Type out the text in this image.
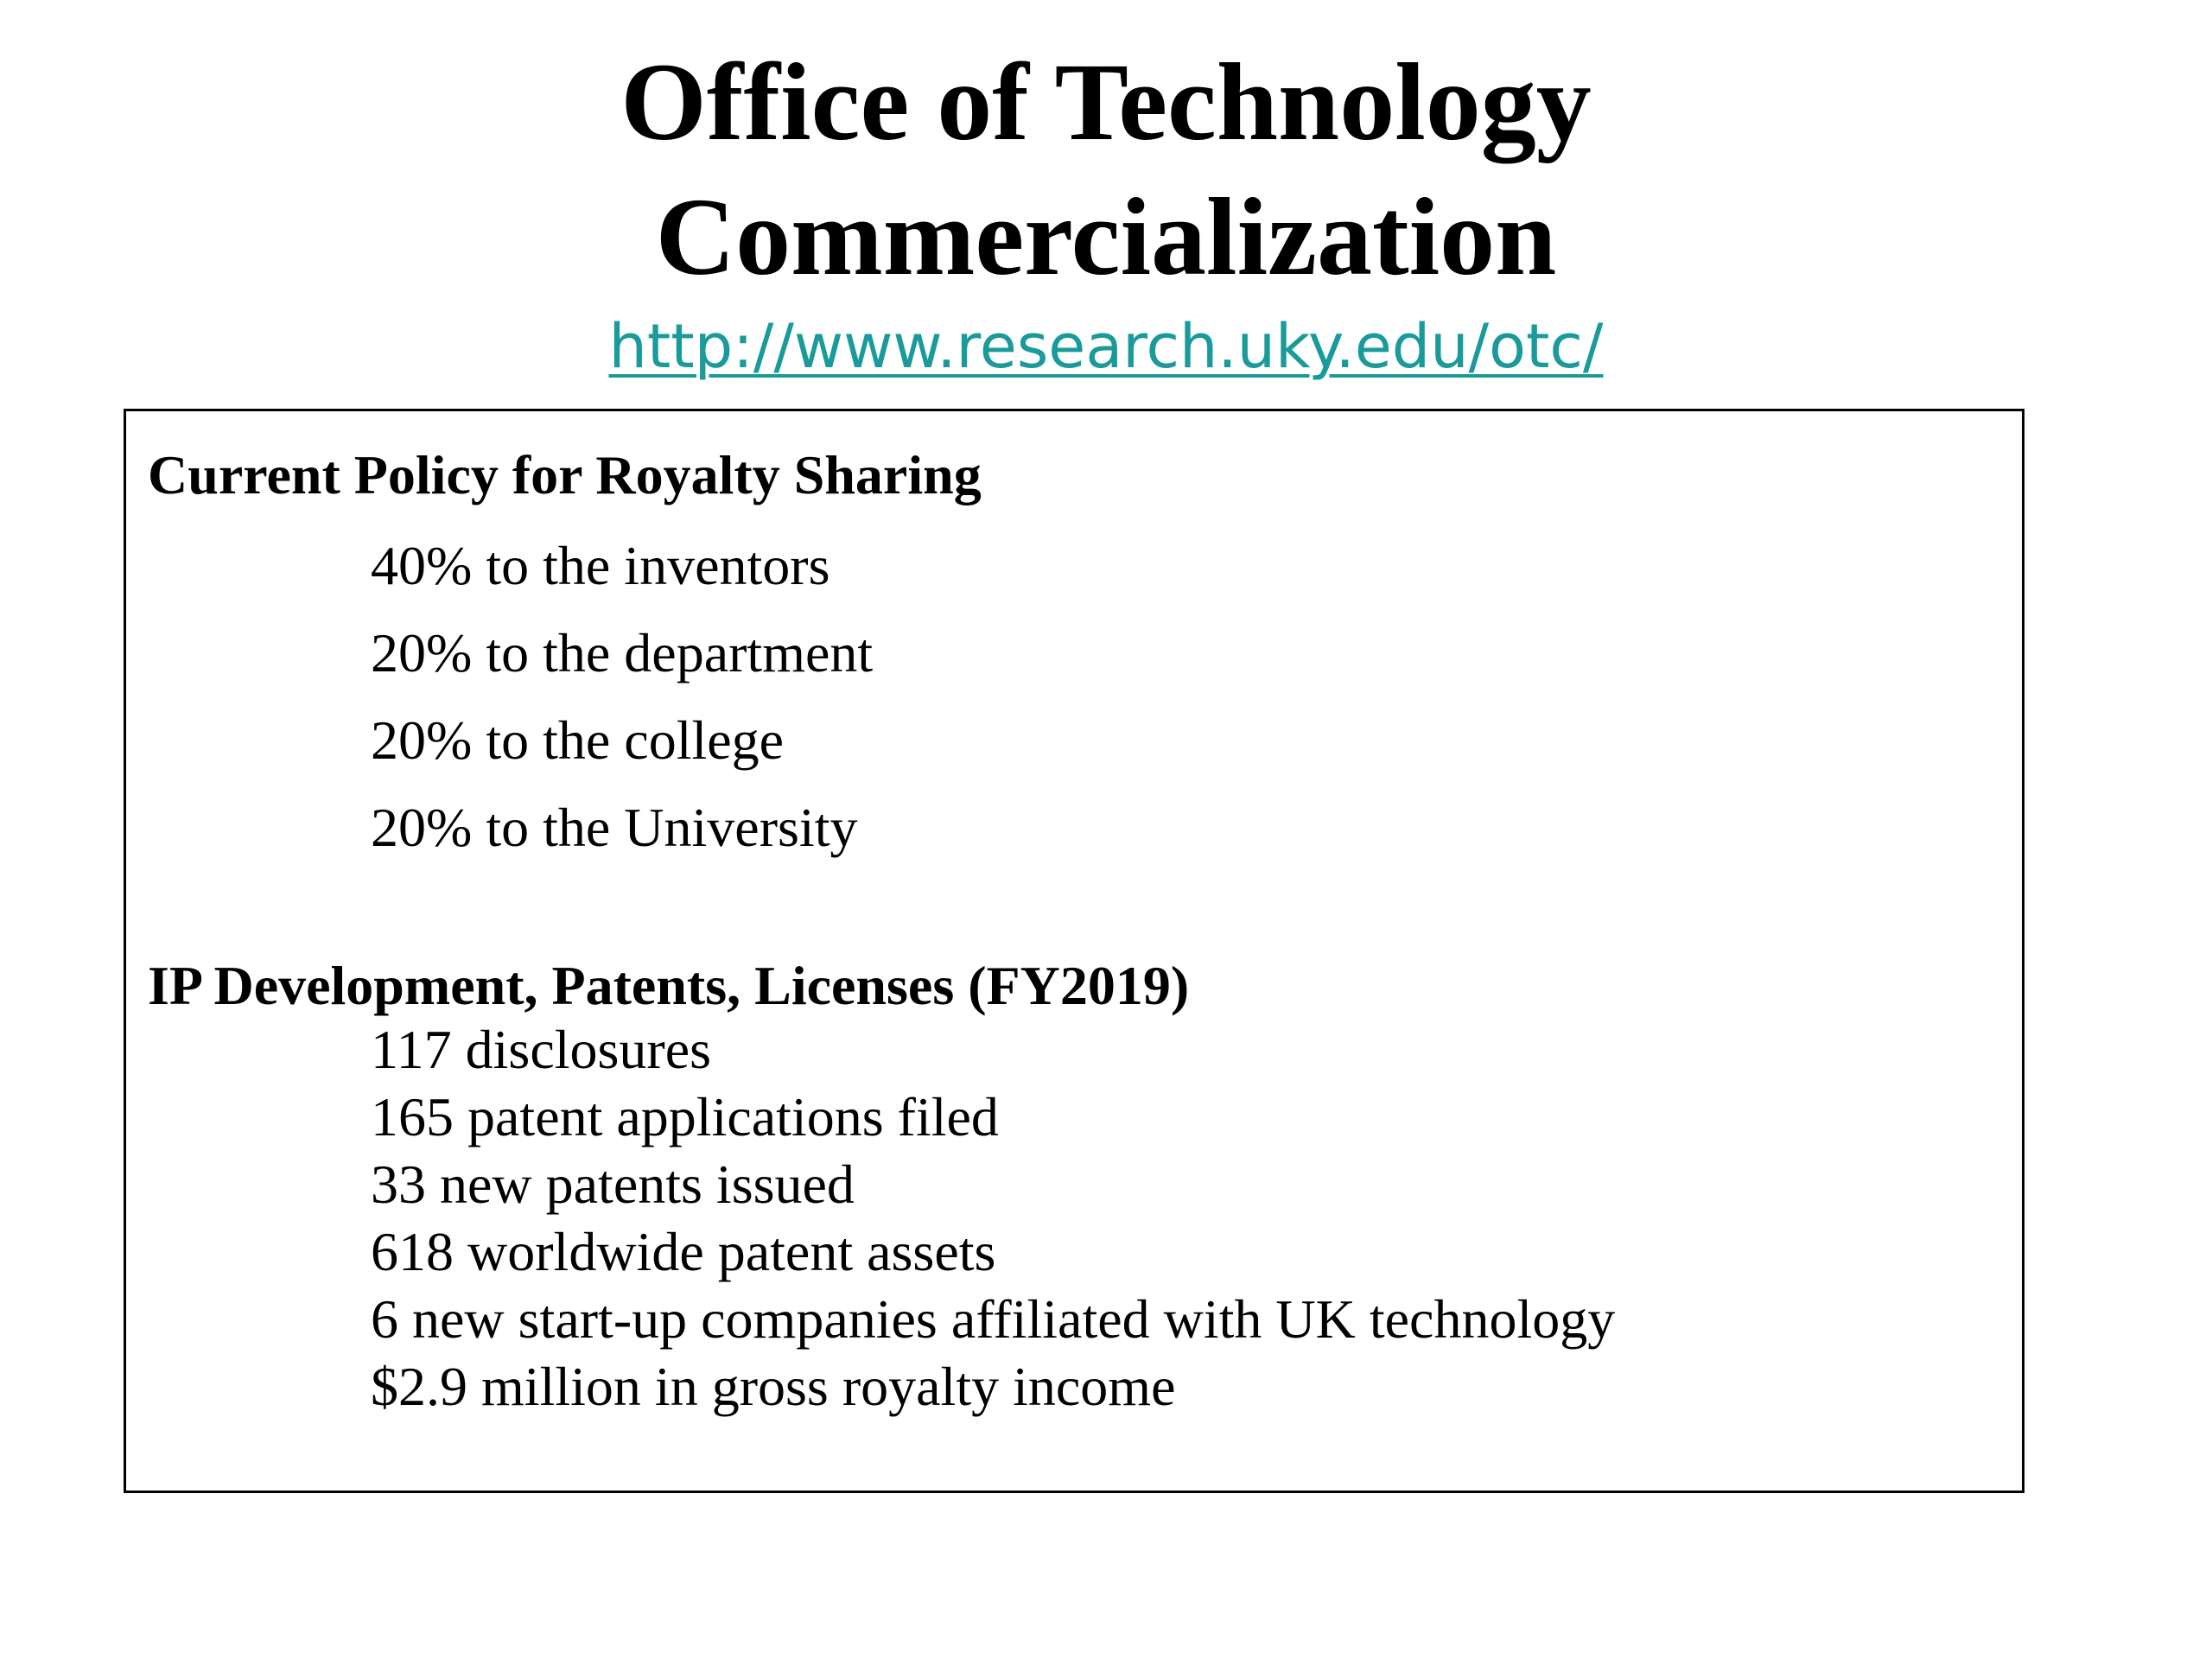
Office of Technology
Commercialization
http://www.research.uky.edu/otc/
Current Policy for Royalty Sharing
40% to the inventors
20% to the department
20% to the college
20% to the University
IP Development, Patents, Licenses (FY2019)
117 disclosures
165 patent applications filed
33 new patents issued
618 worldwide patent assets
6 new start-up companies affiliated with UK technology
$2.9 million in gross royalty income
